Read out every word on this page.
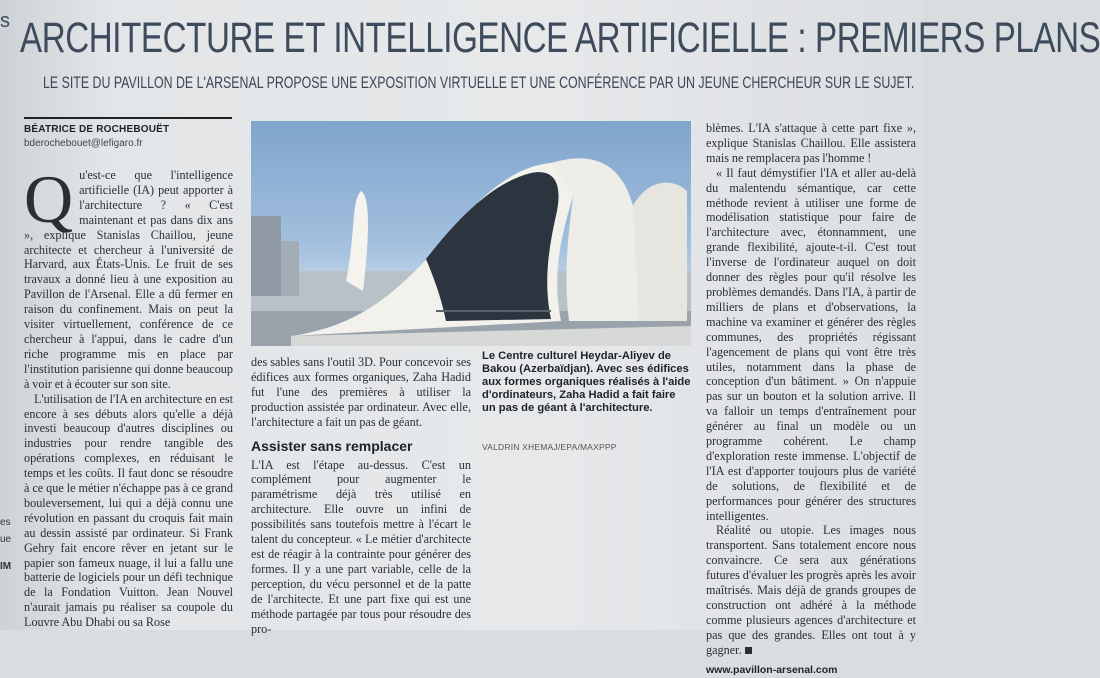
s ARCHITECTURE ET INTELLIGENCE ARTIFICIELLE : PREMIERS PLANS
LE SITE DU PAVILLON DE L'ARSENAL PROPOSE UNE EXPOSITION VIRTUELLE ET UNE CONFÉRENCE PAR UN JEUNE CHERCHEUR SUR LE SUJET.
BÉATRICE DE ROCHEBOUËT
bderochebouet@lefigaro.fr
es
ue
IM

Qu'est-ce que l'intelligence artificielle (IA) peut apporter à l'architecture ? « C'est maintenant et pas dans dix ans », explique Stanislas Chaillou, jeune architecte et chercheur à l'université de Harvard, aux États-Unis. Le fruit de ses travaux a donné lieu à une exposition au Pavillon de l'Arsenal. Elle a dû fermer en raison du confinement. Mais on peut la visiter virtuellement, conférence de ce chercheur à l'appui, dans le cadre d'un riche programme mis en place par l'institution parisienne qui donne beaucoup à voir et à écouter sur son site.

L'utilisation de l'IA en architecture en est encore à ses débuts alors qu'elle a déjà investi beaucoup d'autres disciplines ou industries pour rendre tangible des opérations complexes, en réduisant le temps et les coûts. Il faut donc se résoudre à ce que le métier n'échappe pas à ce grand bouleversement, lui qui a déjà connu une révolution en passant du croquis fait main au dessin assisté par ordinateur. Si Frank Gehry fait encore rêver en jetant sur le papier son fameux nuage, il lui a fallu une batterie de logiciels pour un défi technique de la Fondation Vuitton. Jean Nouvel n'aurait jamais pu réaliser sa coupole du Louvre Abu Dhabi ou sa Rose

des sables sans l'outil 3D. Pour concevoir ses édifices aux formes organiques, Zaha Hadid fut l'une des premières à utiliser la production assistée par ordinateur. Avec elle, l'architecture a fait un pas de géant.

Assister sans remplacer

L'IA est l'étape au-dessus. C'est un complément pour augmenter le paramétrisme déjà très utilisé en architecture. Elle ouvre un infini de possibilités sans toutefois mettre à l'écart le talent du concepteur. « Le métier d'architecte est de réagir à la contrainte pour générer des formes. Il y a une part variable, celle de la perception, du vécu personnel et de la patte de l'architecte. Et une part fixe qui est une méthode partagée par tous pour résoudre des pro-

Le Centre culturel Heydar-Aliyev de Bakou (Azerbaïdjan). Avec ses édifices aux formes organiques réalisés à l'aide d'ordinateurs, Zaha Hadid a fait faire un pas de géant à l'architecture.
VALDRIN XHEMAJ/EPA/MAXPPP

blèmes. L'IA s'attaque à cette part fixe », explique Stanislas Chaillou. Elle assistera mais ne remplacera pas l'homme !

« Il faut démystifier l'IA et aller au-delà du malentendu sémantique, car cette méthode revient à utiliser une forme de modélisation statistique pour faire de l'architecture avec, étonnamment, une grande flexibilité, ajoute-t-il. C'est tout l'inverse de l'ordinateur auquel on doit donner des règles pour qu'il résolve les problèmes demandés. Dans l'IA, à partir de milliers de plans et d'observations, la machine va examiner et générer des règles communes, des propriétés régissant l'agencement de plans qui vont être très utiles, notamment dans la phase de conception d'un bâtiment. » On n'appuie pas sur un bouton et la solution arrive. Il va falloir un temps d'entraînement pour générer au final un modèle ou un programme cohérent. Le champ d'exploration reste immense. L'objectif de l'IA est d'apporter toujours plus de variété de solutions, de flexibilité et de performances pour générer des structures intelligentes.

Réalité ou utopie. Les images nous transportent. Sans totalement encore nous convaincre. Ce sera aux générations futures d'évaluer les progrès après les avoir maîtrisés. Mais déjà de grands groupes de construction ont adhéré à la méthode comme plusieurs agences d'architecture et pas que des grandes. Elles ont tout à y gagner.

www.pavillon-arsenal.com
